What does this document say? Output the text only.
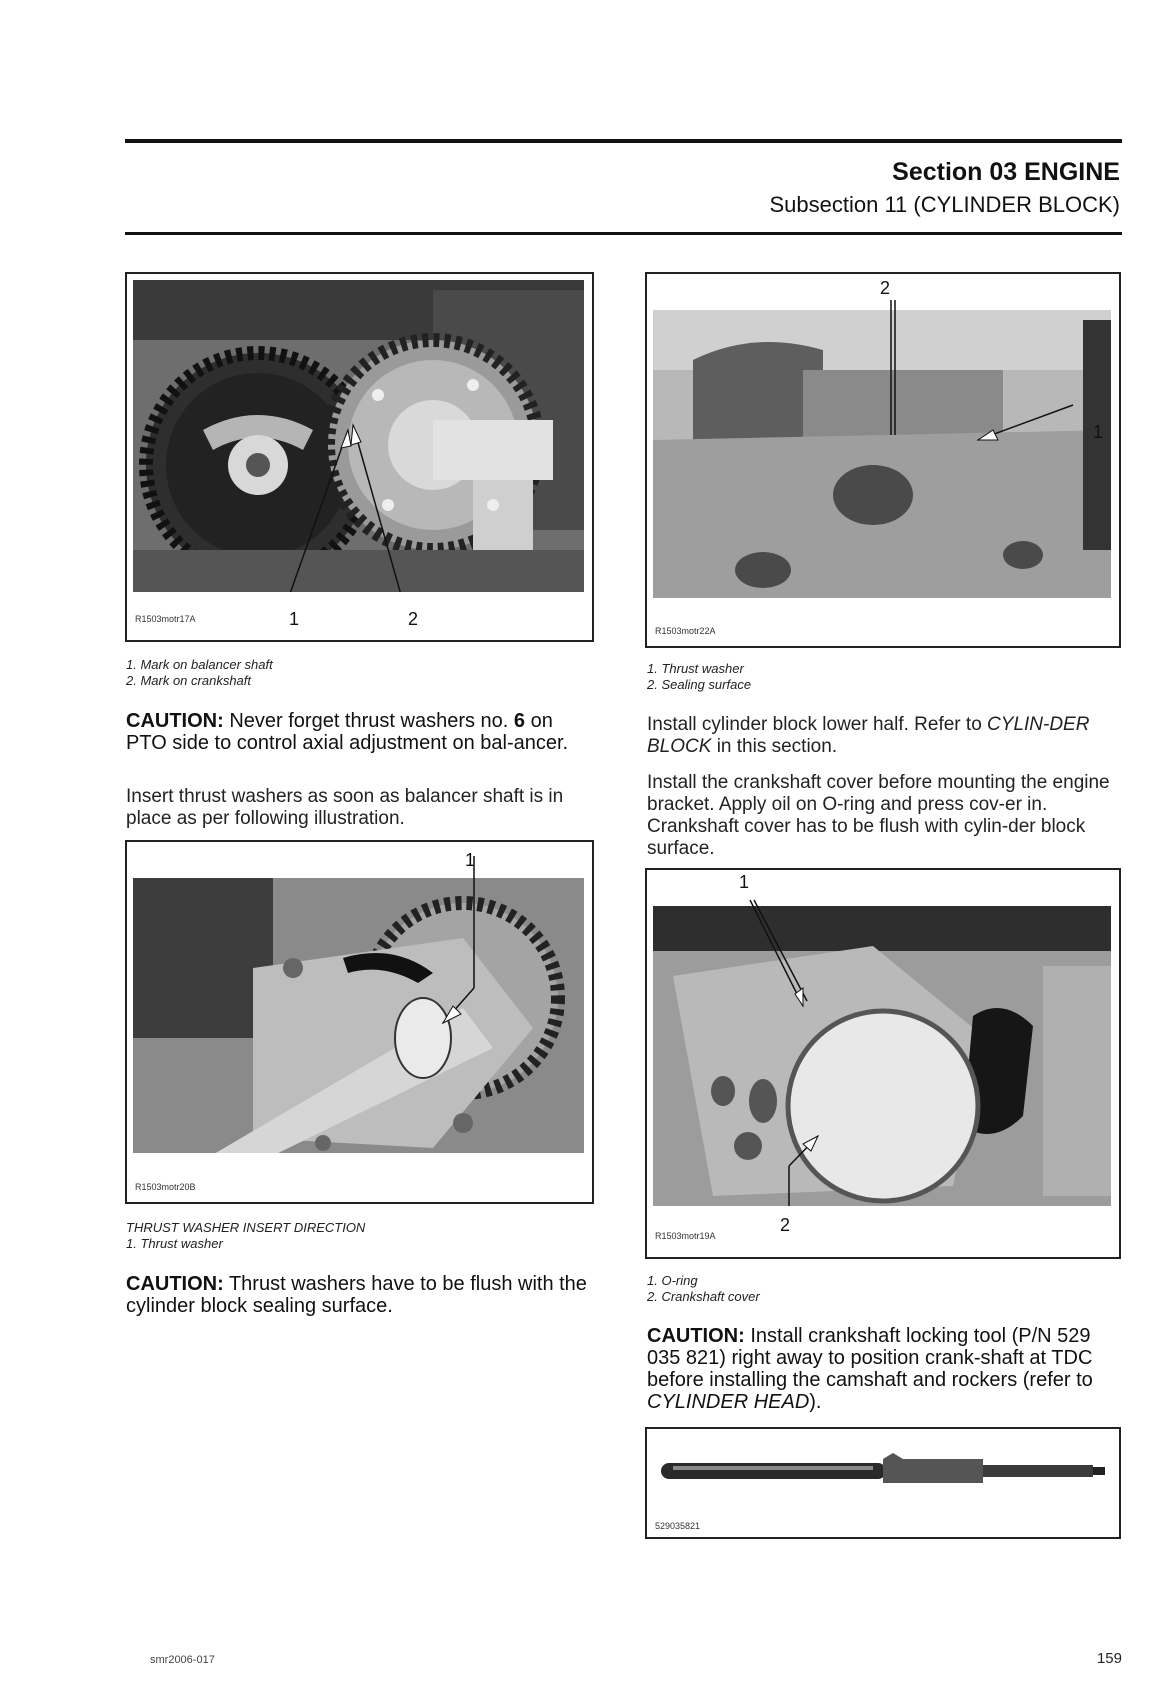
Section 03 ENGINE
Subsection 11 (CYLINDER BLOCK)
R1503motr17A	1	2
1. Mark on balancer shaft
2. Mark on crankshaft
CAUTION: Never forget thrust washers no. 6 on PTO side to control axial adjustment on bal-ancer.
Insert thrust washers as soon as balancer shaft is in place as per following illustration.
1
R1503motr20B
THRUST WASHER INSERT DIRECTION
1. Thrust washer
CAUTION: Thrust washers have to be flush with the cylinder block sealing surface.
2
1
R1503motr22A
1. Thrust washer
2. Sealing surface
Install cylinder block lower half. Refer to CYLIN-DER BLOCK in this section.
Install the crankshaft cover before mounting the engine bracket. Apply oil on O-ring and press cov-er in. Crankshaft cover has to be flush with cylin-der block surface.
1
2
R1503motr19A
1. O-ring
2. Crankshaft cover
CAUTION: Install crankshaft locking tool (P/N 529 035 821) right away to position crank-shaft at TDC before installing the camshaft and rockers (refer to CYLINDER HEAD).
529035821
smr2006-017	159
